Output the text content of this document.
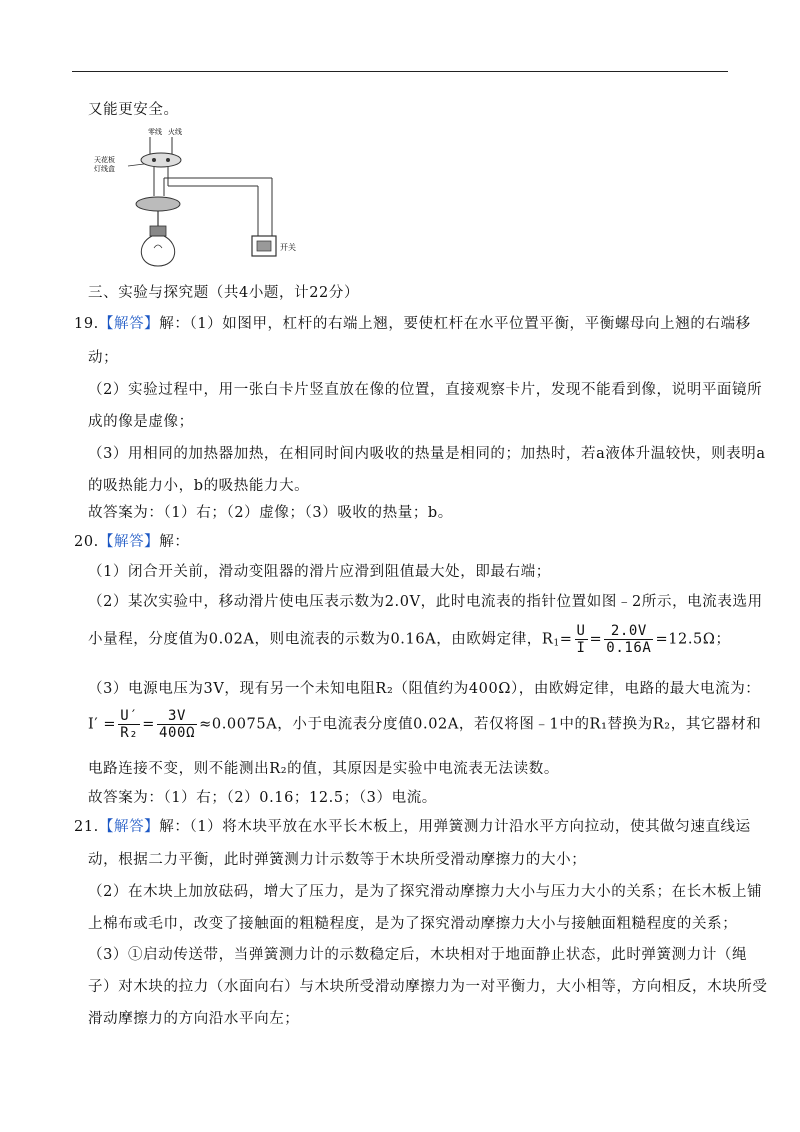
又能更安全。
零线 火线
天花板
灯线盒
开关
三、实验与探究题（共4小题，计22分）
19.【解答】解：（1）如图甲，杠杆的右端上翘，要使杠杆在水平位置平衡，平衡螺母向上翘的右端移
动；
（2）实验过程中，用一张白卡片竖直放在像的位置，直接观察卡片，发现不能看到像，说明平面镜所
成的像是虚像；
（3）用相同的加热器加热，在相同时间内吸收的热量是相同的；加热时，若a液体升温较快，则表明a
的吸热能力小，b的吸热能力大。
故答案为：（1）右；（2）虚像；（3）吸收的热量；b。
20.【解答】解：
（1）闭合开关前，滑动变阻器的滑片应滑到阻值最大处，即最右端；
（2）某次实验中，移动滑片使电压表示数为2.0V，此时电流表的指针位置如图﹣2所示，电流表选用
小量程，分度值为0.02A，则电流表的示数为0.16A，由欧姆定律，$R_1= \frac{U}{I} = \frac{2.0V}{0.16A} =12.5\Omega$；
（3）电源电压为3V，现有另一个未知电阻R₂（阻值约为400Ω），由欧姆定律，电路的最大电流为：
$I' = \frac{U'}{\text{R₂}} = \frac{3V}{400\Omega} \approx 0.0075A$，小于电流表分度值0.02A，若仅将图﹣1中的R₁替换为R₂，其它器材和
电路连接不变，则不能测出R₂的值，其原因是实验中电流表无法读数。
故答案为：（1）右；（2）0.16；12.5；（3）电流。
21.【解答】解：（1）将木块平放在水平长木板上，用弹簧测力计沿水平方向拉动，使其做匀速直线运
动，根据二力平衡，此时弹簧测力计示数等于木块所受滑动摩擦力的大小；
（2）在木块上加放砝码，增大了压力，是为了探究滑动摩擦力大小与压力大小的关系；在长木板上铺
上棉布或毛巾，改变了接触面的粗糙程度，是为了探究滑动摩擦力大小与接触面粗糙程度的关系；
（3）①启动传送带，当弹簧测力计的示数稳定后，木块相对于地面静止状态，此时弹簧测力计（绳
子）对木块的拉力（水面向右）与木块所受滑动摩擦力为一对平衡力，大小相等，方向相反，木块所受
滑动摩擦力的方向沿水平向左；
